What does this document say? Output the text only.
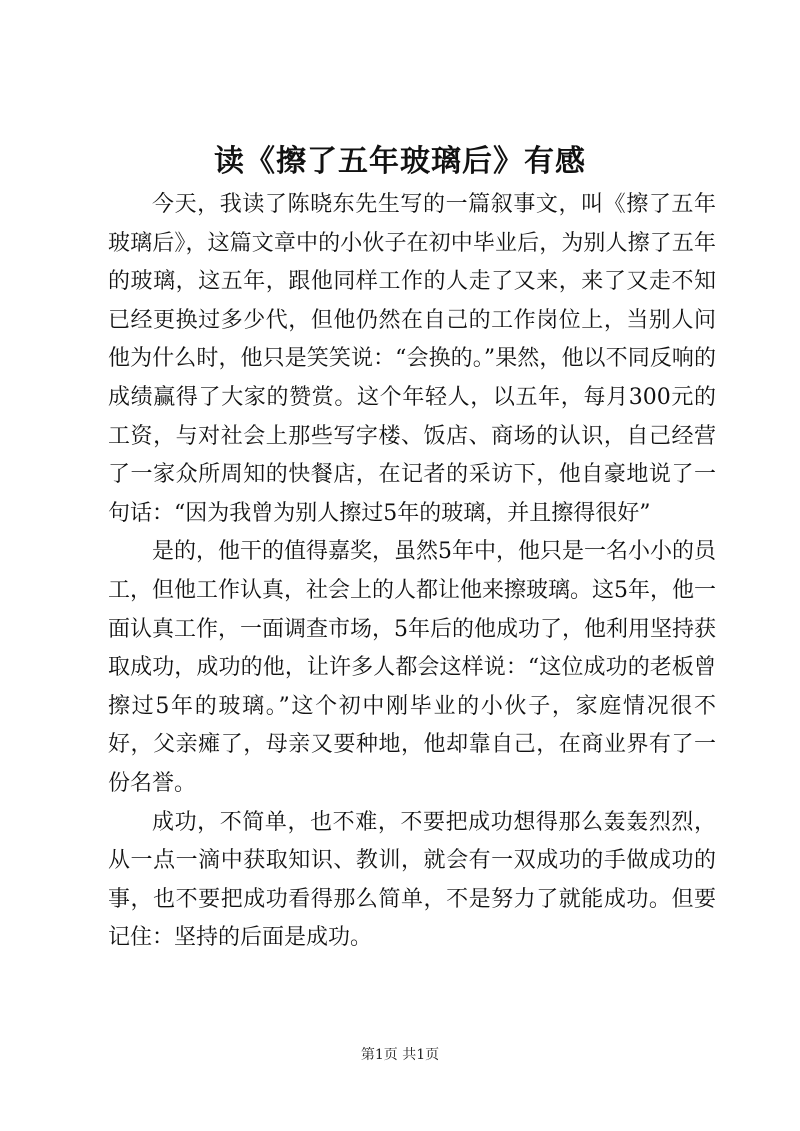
读《擦了五年玻璃后》有感

今天，我读了陈晓东先生写的一篇叙事文，叫《擦了五年玻璃后》，这篇文章中的小伙子在初中毕业后，为别人擦了五年的玻璃，这五年，跟他同样工作的人走了又来，来了又走不知已经更换过多少代，但他仍然在自己的工作岗位上，当别人问他为什么时，他只是笑笑说：“会换的。”果然，他以不同反响的成绩赢得了大家的赞赏。这个年轻人，以五年，每月300元的工资，与对社会上那些写字楼、饭店、商场的认识，自己经营了一家众所周知的快餐店，在记者的采访下，他自豪地说了一句话：“因为我曾为别人擦过5年的玻璃，并且擦得很好”

是的，他干的值得嘉奖，虽然5年中，他只是一名小小的员工，但他工作认真，社会上的人都让他来擦玻璃。这5年，他一面认真工作，一面调查市场，5年后的他成功了，他利用坚持获取成功，成功的他，让许多人都会这样说：“这位成功的老板曾擦过5年的玻璃。”这个初中刚毕业的小伙子，家庭情况很不好，父亲瘫了，母亲又要种地，他却靠自己，在商业界有了一份名誉。

成功，不简单，也不难，不要把成功想得那么轰轰烈烈，从一点一滴中获取知识、教训，就会有一双成功的手做成功的事，也不要把成功看得那么简单，不是努力了就能成功。但要记住：坚持的后面是成功。

第1页 共1页
